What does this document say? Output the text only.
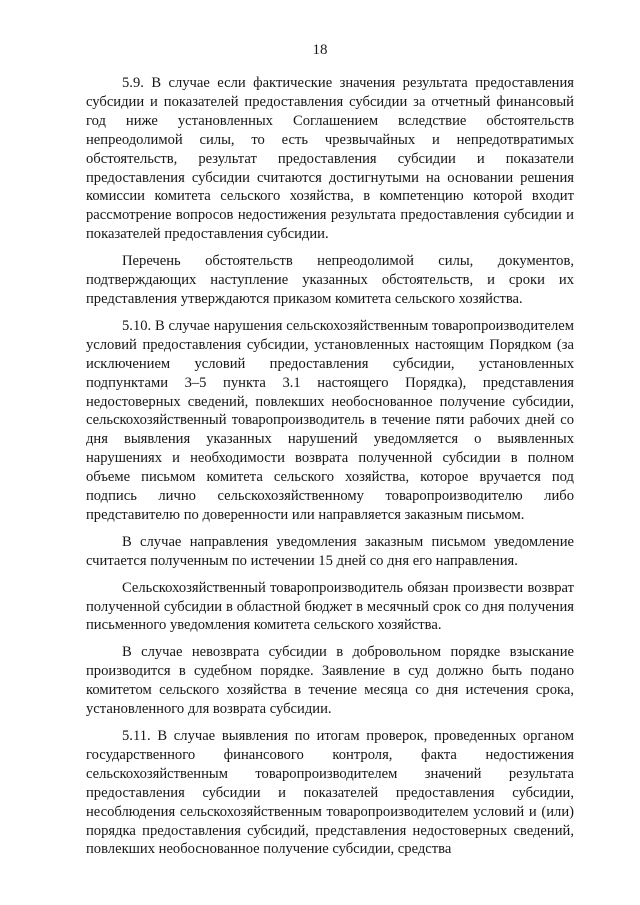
18

5.9. В случае если фактические значения результата предоставления субсидии и показателей предоставления субсидии за отчетный финансовый год ниже установленных Соглашением вследствие обстоятельств непреодолимой силы, то есть чрезвычайных и непредотвратимых обстоятельств, результат предоставления субсидии и показатели предоставления субсидии считаются достигнутыми на основании решения комиссии комитета сельского хозяйства, в компетенцию которой входит рассмотрение вопросов недостижения результата предоставления субсидии и показателей предоставления субсидии.

Перечень обстоятельств непреодолимой силы, документов, подтверждающих наступление указанных обстоятельств, и сроки их представления утверждаются приказом комитета сельского хозяйства.

5.10. В случае нарушения сельскохозяйственным товаропроизводителем условий предоставления субсидии, установленных настоящим Порядком (за исключением условий предоставления субсидии, установленных подпунктами 3–5 пункта 3.1 настоящего Порядка), представления недостоверных сведений, повлекших необоснованное получение субсидии, сельскохозяйственный товаропроизводитель в течение пяти рабочих дней со дня выявления указанных нарушений уведомляется о выявленных нарушениях и необходимости возврата полученной субсидии в полном объеме письмом комитета сельского хозяйства, которое вручается под подпись лично сельскохозяйственному товаропроизводителю либо представителю по доверенности или направляется заказным письмом.

В случае направления уведомления заказным письмом уведомление считается полученным по истечении 15 дней со дня его направления.

Сельскохозяйственный товаропроизводитель обязан произвести возврат полученной субсидии в областной бюджет в месячный срок со дня получения письменного уведомления комитета сельского хозяйства.

В случае невозврата субсидии в добровольном порядке взыскание производится в судебном порядке. Заявление в суд должно быть подано комитетом сельского хозяйства в течение месяца со дня истечения срока, установленного для возврата субсидии.

5.11. В случае выявления по итогам проверок, проведенных органом государственного финансового контроля, факта недостижения сельскохозяйственным товаропроизводителем значений результата предоставления субсидии и показателей предоставления субсидии, несоблюдения сельскохозяйственным товаропроизводителем условий и (или) порядка предоставления субсидий, представления недостоверных сведений, повлекших необоснованное получение субсидии, средства
